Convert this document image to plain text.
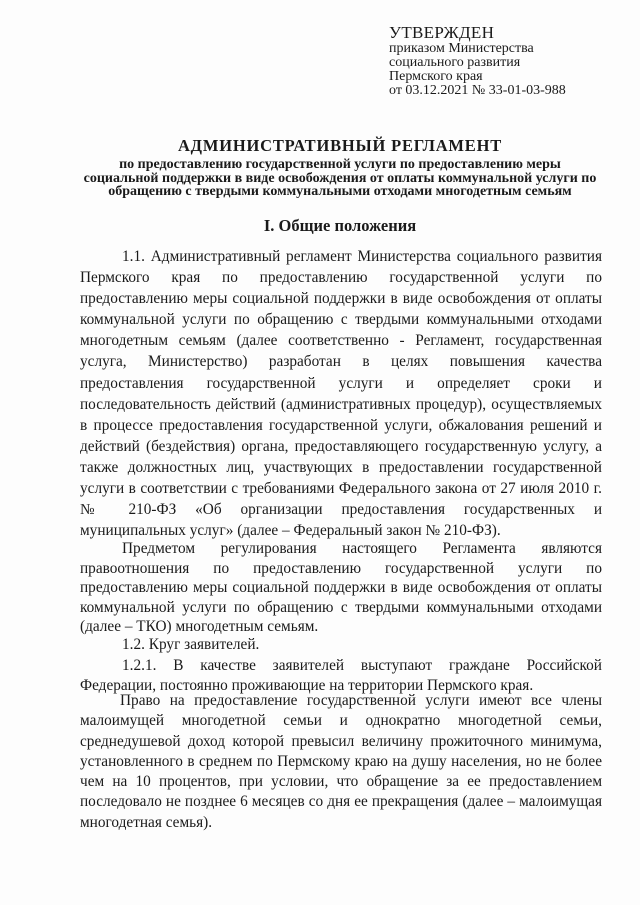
УТВЕРЖДЕН
приказом Министерства
социального развития
Пермского края
от 03.12.2021 № 33-01-03-988
АДМИНИСТРАТИВНЫЙ РЕГЛАМЕНТ
по предоставлению государственной услуги по предоставлению меры социальной поддержки в виде освобождения от оплаты коммунальной услуги по обращению с твердыми коммунальными отходами многодетным семьям
I. Общие положения

1.1. Административный регламент Министерства социального развития Пермского края по предоставлению государственной услуги по предоставлению меры социальной поддержки в виде освобождения от оплаты коммунальной услуги по обращению с твердыми коммунальными отходами многодетным семьям (далее соответственно - Регламент, государственная услуга, Министерство) разработан в целях повышения качества предоставления государственной услуги и определяет сроки и последовательность действий (административных процедур), осуществляемых в процессе предоставления государственной услуги, обжалования решений и действий (бездействия) органа, предоставляющего государственную услугу, а также должностных лиц, участвующих в предоставлении государственной услуги в соответствии с требованиями Федерального закона от 27 июля 2010 г. № 210-ФЗ «Об организации предоставления государственных и муниципальных услуг» (далее – Федеральный закон № 210-ФЗ).

Предметом регулирования настоящего Регламента являются правоотношения по предоставлению государственной услуги по предоставлению меры социальной поддержки в виде освобождения от оплаты коммунальной услуги по обращению с твердыми коммунальными отходами (далее – ТКО) многодетным семьям.

1.2. Круг заявителей.

1.2.1. В качестве заявителей выступают граждане Российской Федерации, постоянно проживающие на территории Пермского края.

Право на предоставление государственной услуги имеют все члены малоимущей многодетной семьи и однократно многодетной семьи, среднедушевой доход которой превысил величину прожиточного минимума, установленного в среднем по Пермскому краю на душу населения, но не более чем на 10 процентов, при условии, что обращение за ее предоставлением последовало не позднее 6 месяцев со дня ее прекращения (далее – малоимущая многодетная семья).
